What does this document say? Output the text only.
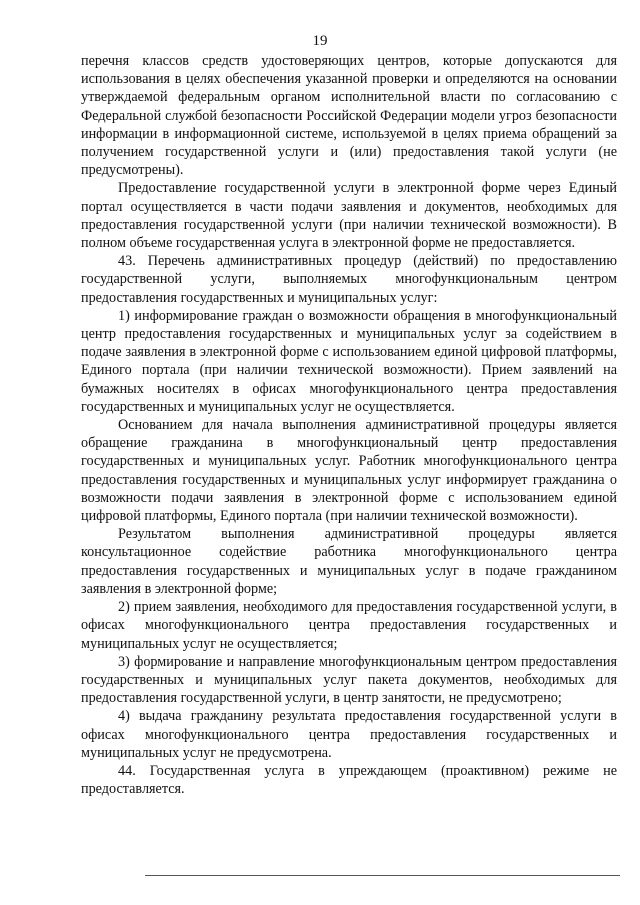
19

перечня классов средств удостоверяющих центров, которые допускаются для использования в целях обеспечения указанной проверки и определяются на основании утверждаемой федеральным органом исполнительной власти по согласованию с Федеральной службой безопасности Российской Федерации модели угроз безопасности информации в информационной системе, используемой в целях приема обращений за получением государственной услуги и (или) предоставления такой услуги (не предусмотрены).

Предоставление государственной услуги в электронной форме через Единый портал осуществляется в части подачи заявления и документов, необходимых для предоставления государственной услуги (при наличии технической возможности). В полном объеме государственная услуга в электронной форме не предоставляется.

43. Перечень административных процедур (действий) по предоставлению государственной услуги, выполняемых многофункциональным центром предоставления государственных и муниципальных услуг:

1) информирование граждан о возможности обращения в многофункциональный центр предоставления государственных и муниципальных услуг за содействием в подаче заявления в электронной форме с использованием единой цифровой платформы, Единого портала (при наличии технической возможности). Прием заявлений на бумажных носителях в офисах многофункционального центра предоставления государственных и муниципальных услуг не осуществляется.

Основанием для начала выполнения административной процедуры является обращение гражданина в многофункциональный центр предоставления государственных и муниципальных услуг. Работник многофункционального центра предоставления государственных и муниципальных услуг информирует гражданина о возможности подачи заявления в электронной форме с использованием единой цифровой платформы, Единого портала (при наличии технической возможности).

Результатом выполнения административной процедуры является консультационное содействие работника многофункционального центра предоставления государственных и муниципальных услуг в подаче гражданином заявления в электронной форме;

2) прием заявления, необходимого для предоставления государственной услуги, в офисах многофункционального центра предоставления государственных и муниципальных услуг не осуществляется;

3) формирование и направление многофункциональным центром предоставления государственных и муниципальных услуг пакета документов, необходимых для предоставления государственной услуги, в центр занятости, не предусмотрено;

4) выдача гражданину результата предоставления государственной услуги в офисах многофункционального центра предоставления государственных и муниципальных услуг не предусмотрена.

44. Государственная услуга в упреждающем (проактивном) режиме не предоставляется.
